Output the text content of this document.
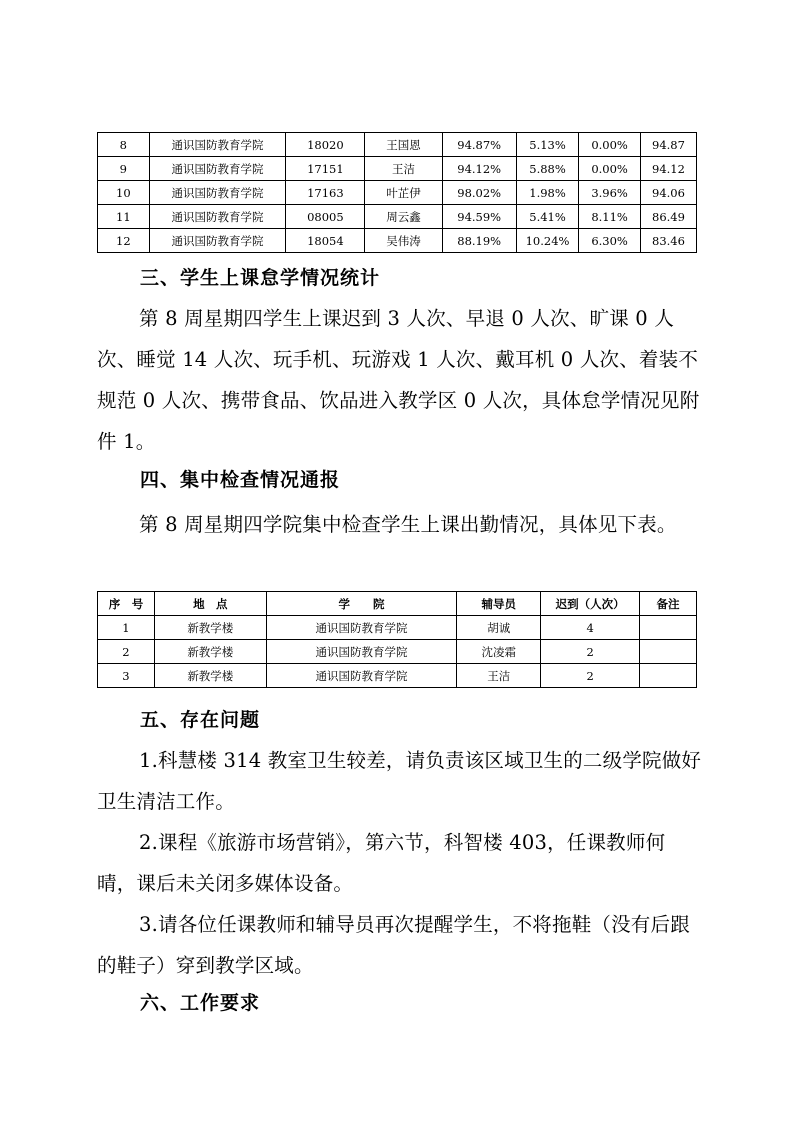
8	通识国防教育学院	18020	王国恩	94.87%	5.13%	0.00%	94.87
9	通识国防教育学院	17151	王洁	94.12%	5.88%	0.00%	94.12
10	通识国防教育学院	17163	叶芷伊	98.02%	1.98%	3.96%	94.06
11	通识国防教育学院	08005	周云鑫	94.59%	5.41%	8.11%	86.49
12	通识国防教育学院	18054	吴伟涛	88.19%	10.24%	6.30%	83.46
三、学生上课怠学情况统计

第 8 周星期四学生上课迟到 3 人次、早退 0 人次、旷课 0 人次、睡觉 14 人次、玩手机、玩游戏 1 人次、戴耳机 0 人次、着装不规范 0 人次、携带食品、饮品进入教学区 0 人次，具体怠学情况见附件 1。

四、集中检查情况通报

第 8 周星期四学院集中检查学生上课出勤情况，具体见下表。

序　号	地　点	学　　院	辅导员	迟到（人次）	备注
1	新教学楼	通识国防教育学院	胡诚	4	
2	新教学楼	通识国防教育学院	沈凌霜	2	
3	新教学楼	通识国防教育学院	王洁	2	
五、存在问题

1.科慧楼 314 教室卫生较差，请负责该区域卫生的二级学院做好卫生清洁工作。

2.课程《旅游市场营销》，第六节，科智楼 403，任课教师何晴，课后未关闭多媒体设备。

3.请各位任课教师和辅导员再次提醒学生，不将拖鞋（没有后跟的鞋子）穿到教学区域。

六、工作要求
